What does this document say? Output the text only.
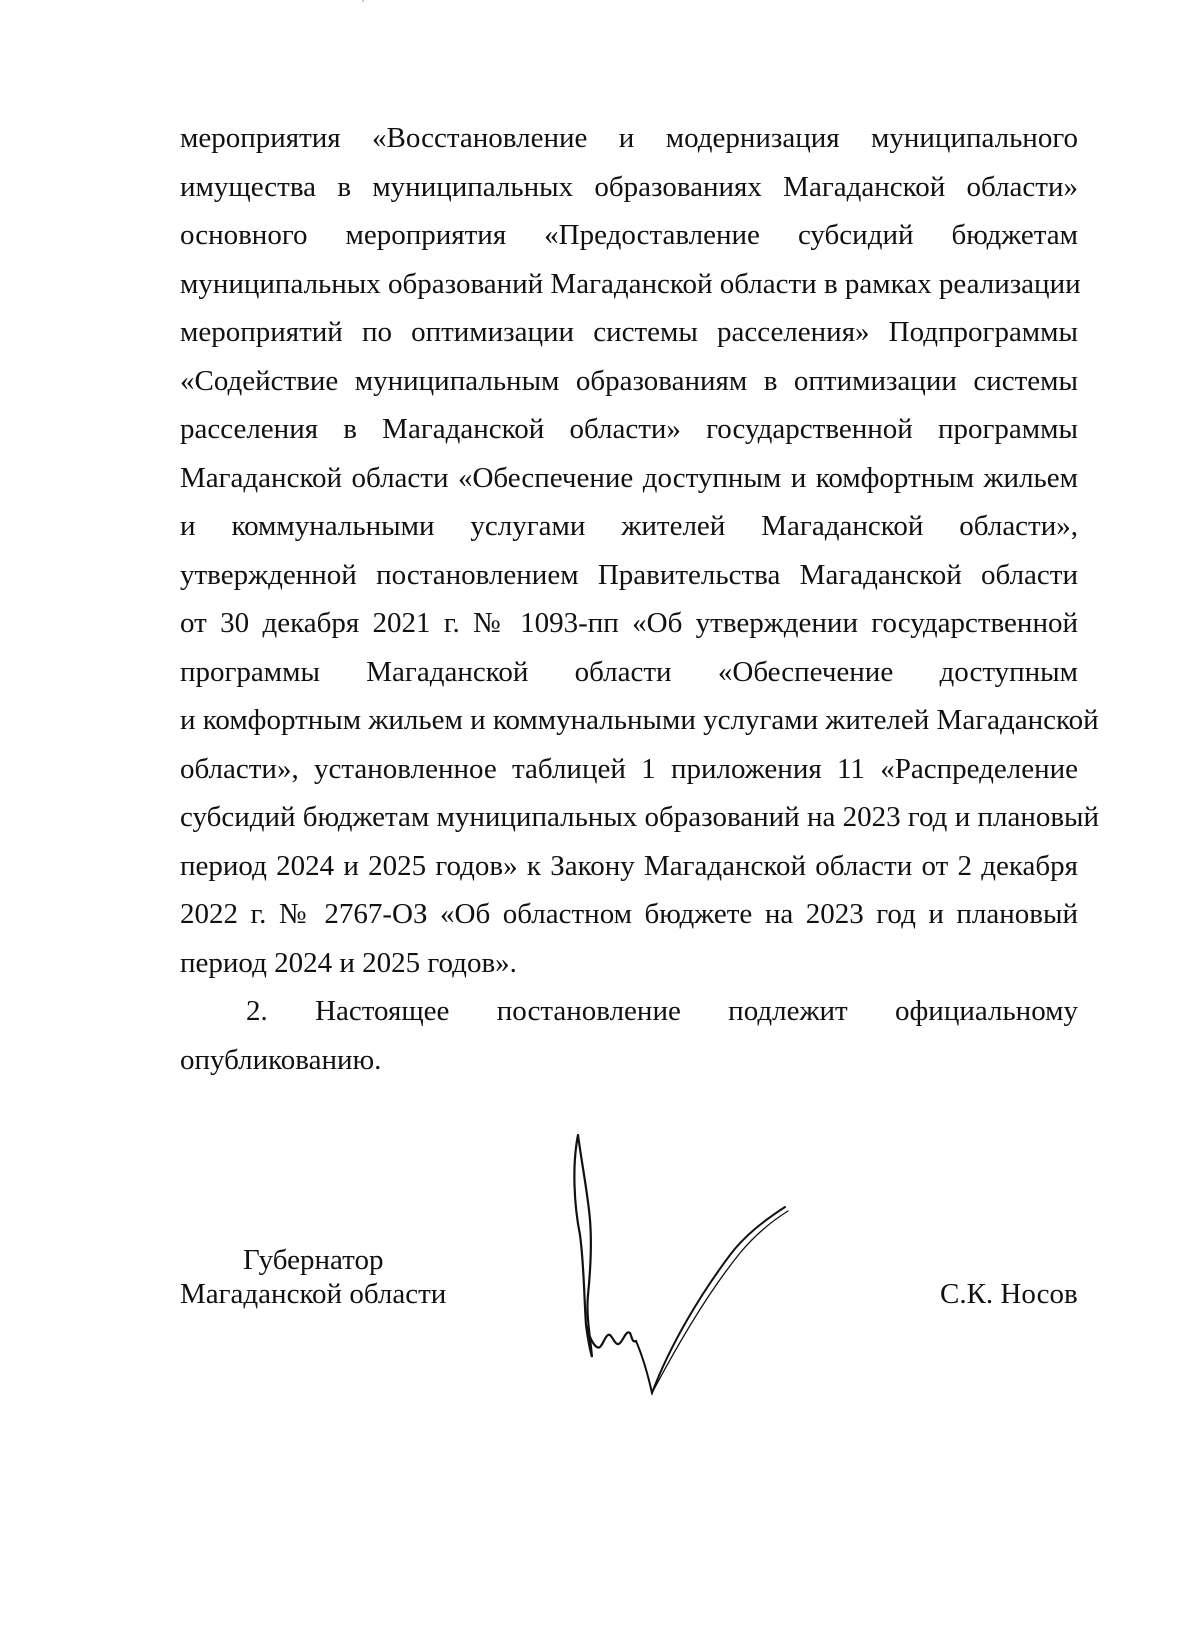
мероприятия «Восстановление и модернизация муниципального
имущества в муниципальных образованиях Магаданской области»
основного мероприятия «Предоставление субсидий бюджетам
муниципальных образований Магаданской области в рамках реализации
мероприятий по оптимизации системы расселения» Подпрограммы
«Содействие муниципальным образованиям в оптимизации системы
расселения в Магаданской области» государственной программы
Магаданской области «Обеспечение доступным и комфортным жильем
и коммунальными услугами жителей Магаданской области»,
утвержденной постановлением Правительства Магаданской области
от 30 декабря 2021 г. № 1093-пп «Об утверждении государственной
программы Магаданской области «Обеспечение доступным
и комфортным жильем и коммунальными услугами жителей Магаданской
области», установленное таблицей 1 приложения 11 «Распределение
субсидий бюджетам муниципальных образований на 2023 год и плановый
период 2024 и 2025 годов» к Закону Магаданской области от 2 декабря
2022 г. № 2767-ОЗ «Об областном бюджете на 2023 год и плановый
период 2024 и 2025 годов».
2. Настоящее постановление подлежит официальному
опубликованию.
Губернатор
Магаданской области	С.К. Носов
